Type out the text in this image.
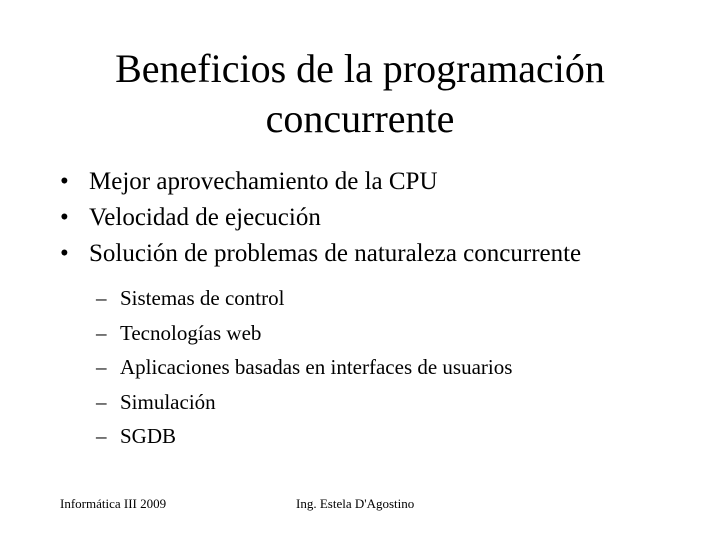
Beneficios de la programación
concurrente
• Mejor aprovechamiento de la CPU
• Velocidad de ejecución
• Solución de problemas de naturaleza concurrente
– Sistemas de control
– Tecnologías web
– Aplicaciones basadas en interfaces de usuarios
– Simulación
– SGDB
Informática III 2009	Ing. Estela D'Agostino
